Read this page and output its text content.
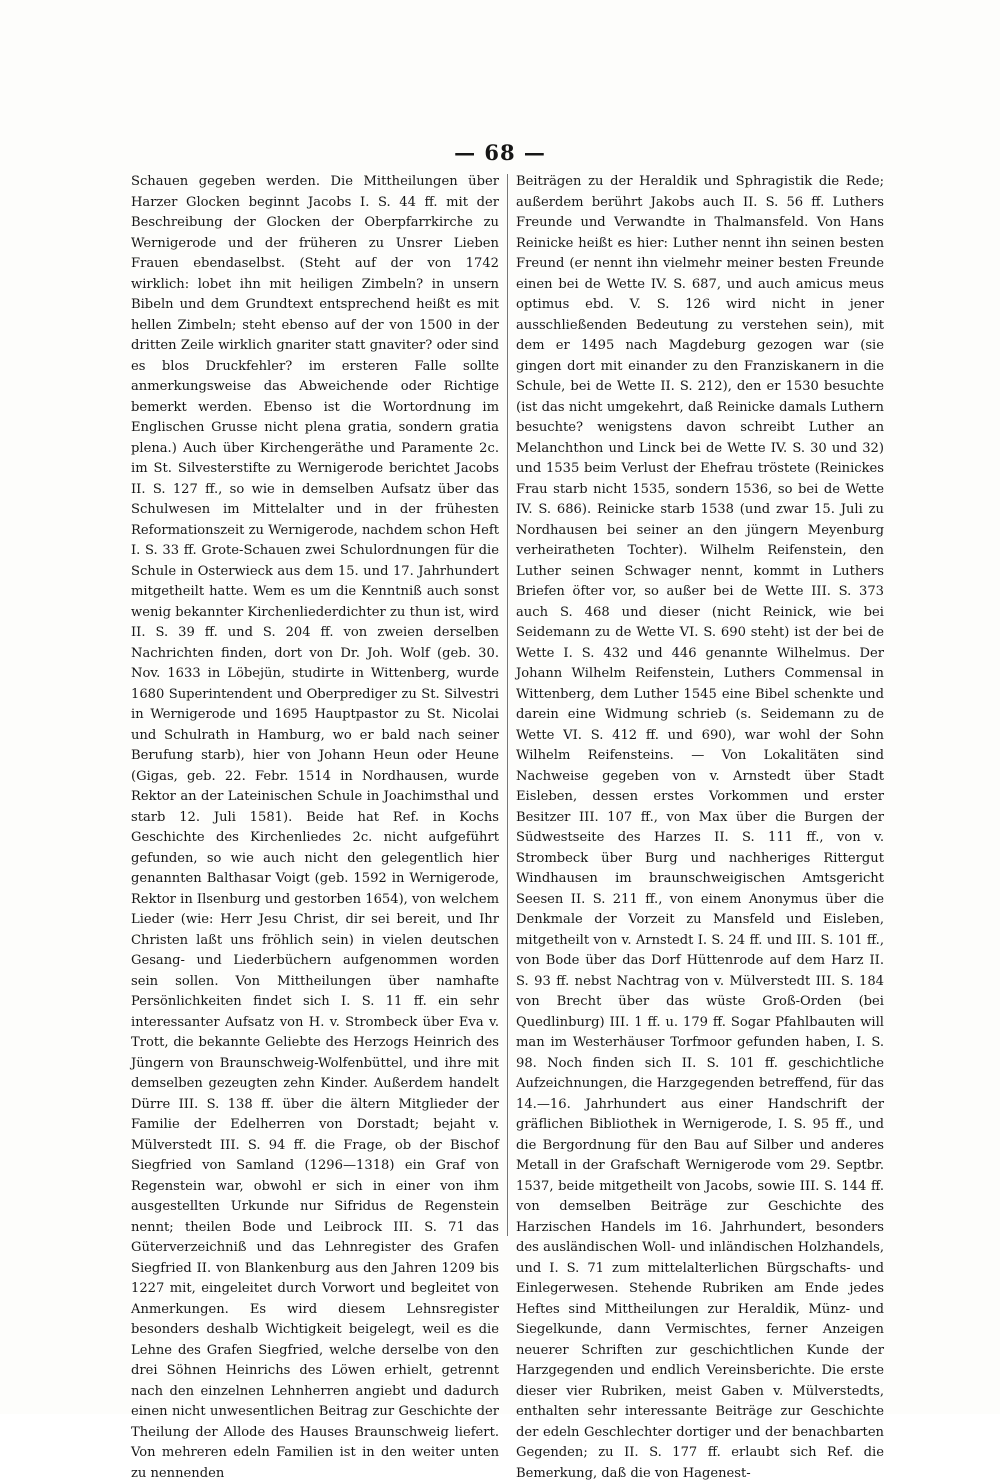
— 68 —

Schauen gegeben werden. Die Mittheilungen über Harzer Glocken beginnt Jacobs I. S. 44 ff. mit der Beschreibung der Glocken der Oberpfarrkirche zu Wernigerode und der früheren zu Unsrer Lieben Frauen ebendaselbst. (Steht auf der von 1742 wirklich: lobet ihn mit heiligen Zimbeln? in unsern Bibeln und dem Grundtext entsprechend heißt es mit hellen Zimbeln; steht ebenso auf der von 1500 in der dritten Zeile wirklich gnariter statt gnaviter? oder sind es blos Druckfehler? im ersteren Falle sollte anmerkungsweise das Abweichende oder Richtige bemerkt werden. Ebenso ist die Wortordnung im Englischen Grusse nicht plena gratia, sondern gratia plena.) Auch über Kirchengeräthe und Paramente 2c. im St. Silvesterstifte zu Wernigerode berichtet Jacobs II. S. 127 ff., so wie in demselben Aufsatz über das Schulwesen im Mittelalter und in der frühesten Reformationszeit zu Wernigerode, nachdem schon Heft I. S. 33 ff. Grote-Schauen zwei Schulordnungen für die Schule in Osterwieck aus dem 15. und 17. Jahrhundert mitgetheilt hatte. Wem es um die Kenntniß auch sonst wenig bekannter Kirchenliederdichter zu thun ist, wird II. S. 39 ff. und S. 204 ff. von zweien derselben Nachrichten finden, dort von Dr. Joh. Wolf (geb. 30. Nov. 1633 in Löbejün, studirte in Wittenberg, wurde 1680 Superintendent und Oberprediger zu St. Silvestri in Wernigerode und 1695 Hauptpastor zu St. Nicolai und Schulrath in Hamburg, wo er bald nach seiner Berufung starb), hier von Johann Heun oder Heune (Gigas, geb. 22. Febr. 1514 in Nordhausen, wurde Rektor an der Lateinischen Schule in Joachimsthal und starb 12. Juli 1581). Beide hat Ref. in Kochs Geschichte des Kirchenliedes 2c. nicht aufgeführt gefunden, so wie auch nicht den gelegentlich hier genannten Balthasar Voigt (geb. 1592 in Wernigerode, Rektor in Ilsenburg und gestorben 1654), von welchem Lieder (wie: Herr Jesu Christ, dir sei bereit, und Ihr Christen laßt uns fröhlich sein) in vielen deutschen Gesang- und Liederbüchern aufgenommen worden sein sollen. Von Mittheilungen über namhafte Persönlichkeiten findet sich I. S. 11 ff. ein sehr interessanter Aufsatz von H. v. Strombeck über Eva v. Trott, die bekannte Geliebte des Herzogs Heinrich des Jüngern von Braunschweig-Wolfenbüttel, und ihre mit demselben gezeugten zehn Kinder. Außerdem handelt Dürre III. S. 138 ff. über die ältern Mitglieder der Familie der Edelherren von Dorstadt; bejaht v. Mülverstedt III. S. 94 ff. die Frage, ob der Bischof Siegfried von Samland (1296—1318) ein Graf von Regenstein war, obwohl er sich in einer von ihm ausgestellten Urkunde nur Sifridus de Regenstein nennt; theilen Bode und Leibrock III. S. 71 das Güterverzeichniß und das Lehnregister des Grafen Siegfried II. von Blankenburg aus den Jahren 1209 bis 1227 mit, eingeleitet durch Vorwort und begleitet von Anmerkungen. Es wird diesem Lehnsregister besonders deshalb Wichtigkeit beigelegt, weil es die Lehne des Grafen Siegfried, welche derselbe von den drei Söhnen Heinrichs des Löwen erhielt, getrennt nach den einzelnen Lehnherren angiebt und dadurch einen nicht unwesentlichen Beitrag zur Geschichte der Theilung der Allode des Hauses Braunschweig liefert. Von mehreren edeln Familien ist in den weiter unten zu nennenden

Beiträgen zu der Heraldik und Sphragistik die Rede; außerdem berührt Jakobs auch II. S. 56 ff. Luthers Freunde und Verwandte in Thalmansfeld. Von Hans Reinicke heißt es hier: Luther nennt ihn seinen besten Freund (er nennt ihn vielmehr meiner besten Freunde einen bei de Wette IV. S. 687, und auch amicus meus optimus ebd. V. S. 126 wird nicht in jener ausschließenden Bedeutung zu verstehen sein), mit dem er 1495 nach Magdeburg gezogen war (sie gingen dort mit einander zu den Franziskanern in die Schule, bei de Wette II. S. 212), den er 1530 besuchte (ist das nicht umgekehrt, daß Reinicke damals Luthern besuchte? wenigstens davon schreibt Luther an Melanchthon und Linck bei de Wette IV. S. 30 und 32) und 1535 beim Verlust der Ehefrau tröstete (Reinickes Frau starb nicht 1535, sondern 1536, so bei de Wette IV. S. 686). Reinicke starb 1538 (und zwar 15. Juli zu Nordhausen bei seiner an den jüngern Meyenburg verheiratheten Tochter). Wilhelm Reifenstein, den Luther seinen Schwager nennt, kommt in Luthers Briefen öfter vor, so außer bei de Wette III. S. 373 auch S. 468 und dieser (nicht Reinick, wie bei Seidemann zu de Wette VI. S. 690 steht) ist der bei de Wette I. S. 432 und 446 genannte Wilhelmus. Der Johann Wilhelm Reifenstein, Luthers Commensal in Wittenberg, dem Luther 1545 eine Bibel schenkte und darein eine Widmung schrieb (s. Seidemann zu de Wette VI. S. 412 ff. und 690), war wohl der Sohn Wilhelm Reifensteins. — Von Lokalitäten sind Nachweise gegeben von v. Arnstedt über Stadt Eisleben, dessen erstes Vorkommen und erster Besitzer III. 107 ff., von Max über die Burgen der Südwestseite des Harzes II. S. 111 ff., von v. Strombeck über Burg und nachheriges Rittergut Windhausen im braunschweigischen Amtsgericht Seesen II. S. 211 ff., von einem Anonymus über die Denkmale der Vorzeit zu Mansfeld und Eisleben, mitgetheilt von v. Arnstedt I. S. 24 ff. und III. S. 101 ff., von Bode über das Dorf Hüttenrode auf dem Harz II. S. 93 ff. nebst Nachtrag von v. Mülverstedt III. S. 184 von Brecht über das wüste Groß-Orden (bei Quedlinburg) III. 1 ff. u. 179 ff. Sogar Pfahlbauten will man im Westerhäuser Torfmoor gefunden haben, I. S. 98. Noch finden sich II. S. 101 ff. geschichtliche Aufzeichnungen, die Harzgegenden betreffend, für das 14.—16. Jahrhundert aus einer Handschrift der gräflichen Bibliothek in Wernigerode, I. S. 95 ff., und die Bergordnung für den Bau auf Silber und anderes Metall in der Grafschaft Wernigerode vom 29. Septbr. 1537, beide mitgetheilt von Jacobs, sowie III. S. 144 ff. von demselben Beiträge zur Geschichte des Harzischen Handels im 16. Jahrhundert, besonders des ausländischen Woll- und inländischen Holzhandels, und I. S. 71 zum mittelalterlichen Bürgschafts- und Einlegerwesen. Stehende Rubriken am Ende jedes Heftes sind Mittheilungen zur Heraldik, Münz- und Siegelkunde, dann Vermischtes, ferner Anzeigen neuerer Schriften zur geschichtlichen Kunde der Harzgegenden und endlich Vereinsberichte. Die erste dieser vier Rubriken, meist Gaben v. Mülverstedts, enthalten sehr interessante Beiträge zur Geschichte der edeln Geschlechter dortiger und der benachbarten Gegenden; zu II. S. 177 ff. erlaubt sich Ref. die Bemerkung, daß die von Hagenest-
